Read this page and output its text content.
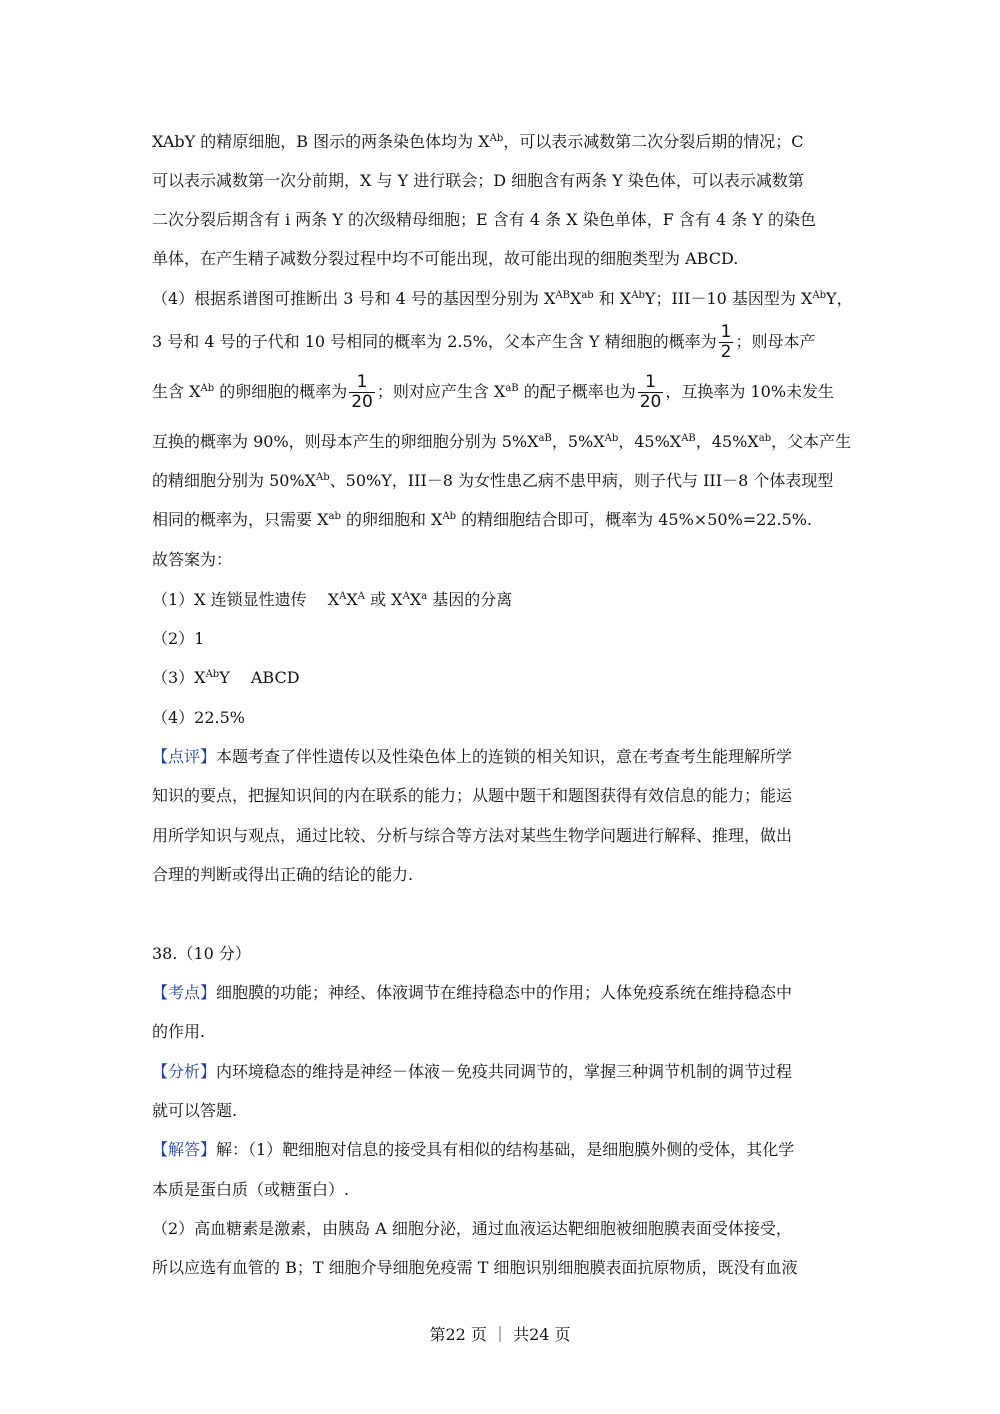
XAbY 的精原细胞，B 图示的两条染色体均为 $X^{Ab}$，可以表示减数第二次分裂后期的情况；C
可以表示减数第一次分前期，X 与 Y 进行联会；D 细胞含有两条 Y 染色体，可以表示减数第
二次分裂后期含有 i 两条 Y 的次级精母细胞；E 含有 4 条 X 染色单体，F 含有 4 条 Y 的染色
单体，在产生精子减数分裂过程中均不可能出现，故可能出现的细胞类型为 ABCD.
（4）根据系谱图可推断出 3 号和 4 号的基因型分别为 $X^{AB}X^{ab}$ 和 $X^{Ab}Y$；III－10 基因型为 $X^{Ab}Y$，
3 号和 4 号的子代和 10 号相同的概率为 2.5%，父本产生含 Y 精细胞的概率为 $\frac{1}{2}$ ；则母本产
生含 $X^{Ab}$ 的卵细胞的概率为 $\frac{1}{20}$ ；则对应产生含 $X^{aB}$ 的配子概率也为 $\frac{1}{20}$ ，互换率为 10%未发生
互换的概率为 90%，则母本产生的卵细胞分别为 $5\%X^{aB}$，$5\%X^{Ab}$，$45\%X^{AB}$，$45\%X^{ab}$，父本产生
的精细胞分别为 $50\%X^{Ab}$、50%Y，III－8 为女性患乙病不患甲病，则子代与 III－8 个体表现型
相同的概率为，只需要 $X^{ab}$ 的卵细胞和 $X^{Ab}$ 的精细胞结合即可，概率为 45%×50%=22.5%.
故答案为：
（1）X 连锁显性遗传　 $X^AX^A$ 或 $X^AX^a$ 基因的分离
（2）1
$(3)X^{Ab}Y$　 ABCD
（4）22.5%
【点评】本题考查了伴性遗传以及性染色体上的连锁的相关知识，意在考查考生能理解所学
知识的要点，把握知识间的内在联系的能力；从题中题干和题图获得有效信息的能力；能运
用所学知识与观点，通过比较、分析与综合等方法对某些生物学问题进行解释、推理，做出
合理的判断或得出正确的结论的能力.
38.（10 分）
【考点】细胞膜的功能；神经、体液调节在维持稳态中的作用；人体免疫系统在维持稳态中
的作用.
【分析】内环境稳态的维持是神经－体液－免疫共同调节的，掌握三种调节机制的调节过程
就可以答题.
【解答】解：（1）靶细胞对信息的接受具有相似的结构基础，是细胞膜外侧的受体，其化学
本质是蛋白质（或糖蛋白）.
（2）高血糖素是激素，由胰岛 A 细胞分泌，通过血液运达靶细胞被细胞膜表面受体接受，
所以应选有血管的 B；T 细胞介导细胞免疫需 T 细胞识别细胞膜表面抗原物质，既没有血液
第22 页 ｜ 共24 页
